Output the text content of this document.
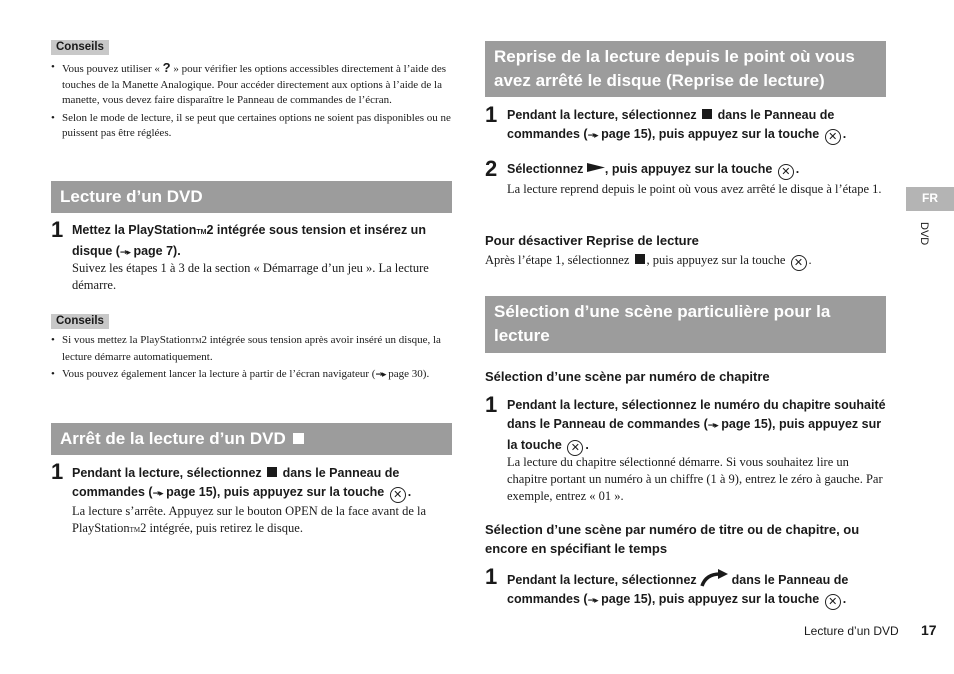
Conseils
• Vous pouvez utiliser « ? » pour vérifier les options accessibles directement à l’aide des touches de la Manette Analogique. Pour accéder directement aux options à l’aide de la manette, vous devez faire disparaître le Panneau de commandes de l’écran.
• Selon le mode de lecture, il se peut que certaines options ne soient pas disponibles ou ne puissent pas être réglées.
Lecture d’un DVD
1 Mettez la PlayStationTM2 intégrée sous tension et insérez un disque (→▸ page 7).
Suivez les étapes 1 à 3 de la section « Démarrage d’un jeu ». La lecture démarre.
Conseils
• Si vous mettez la PlayStationTM2 intégrée sous tension après avoir inséré un disque, la lecture démarre automatiquement.
• Vous pouvez également lancer la lecture à partir de l’écran navigateur (→▸ page 30).
Arrêt de la lecture d’un DVD
1 Pendant la lecture, sélectionnez dans le Panneau de commandes (→▸ page 15), puis appuyez sur la touche ✕ .
La lecture s’arrête. Appuyez sur le bouton OPEN de la face avant de la PlayStationTM2 intégrée, puis retirez le disque.
Reprise de la lecture depuis le point où vous avez arrêté le disque (Reprise de lecture)
1 Pendant la lecture, sélectionnez dans le Panneau de commandes (→▸ page 15), puis appuyez sur la touche ✕ .
2 Sélectionnez , puis appuyez sur la touche ✕ .
La lecture reprend depuis le point où vous avez arrêté le disque à l’étape 1.
Pour désactiver Reprise de lecture
Après l’étape 1, sélectionnez , puis appuyez sur la touche ✕ .
Sélection d’une scène particulière pour la lecture
Sélection d’une scène par numéro de chapitre
1 Pendant la lecture, sélectionnez le numéro du chapitre souhaité dans le Panneau de commandes (→▸ page 15), puis appuyez sur la touche ✕ .
La lecture du chapitre sélectionné démarre. Si vous souhaitez lire un chapitre portant un numéro à un chiffre (1 à 9), entrez le zéro à gauche. Par exemple, entrez « 01 ».
Sélection d’une scène par numéro de titre ou de chapitre, ou encore en spécifiant le temps
1 Pendant la lecture, sélectionnez	dans le Panneau de commandes (→▸ page 15), puis appuyez sur la touche ✕ .
FR
DVD
Lecture d’un DVD 17
